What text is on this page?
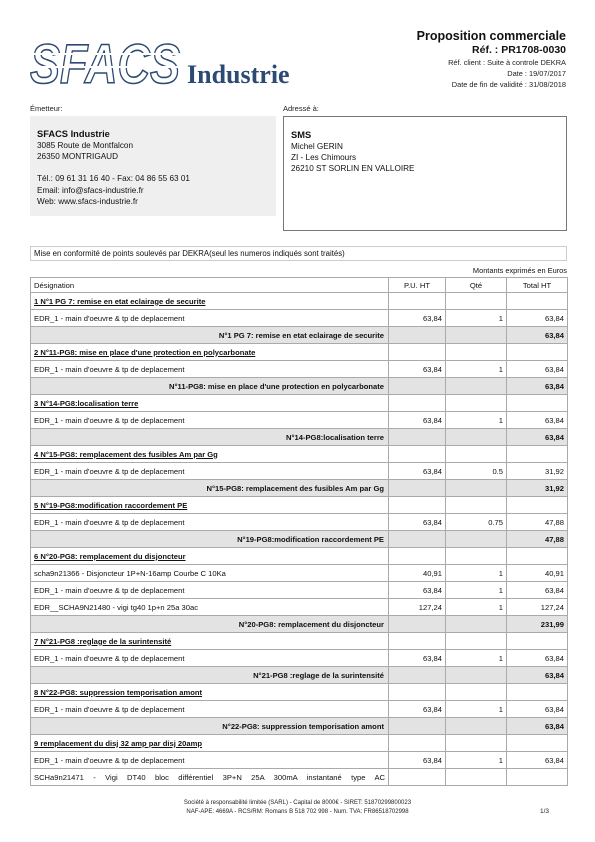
SFACS Industrie
Proposition commerciale
Réf. : PR1708-0030
Réf. client : Suite à controle DEKRA
Date : 19/07/2017
Date de fin de validité : 31/08/2018
Émetteur:	Adressé à:
SFACS Industrie
3085 Route de Montfalcon
26350 MONTRIGAUD
Tél.: 09 61 31 16 40 - Fax: 04 86 55 63 01
Email: info@sfacs-industrie.fr
Web: www.sfacs-industrie.fr
SMS
Michel GERIN
ZI - Les Chimours
26210 ST SORLIN EN VALLOIRE
Mise en conformité de points soulevés par DEKRA(seul les numeros indiqués sont traités)
Montants exprimés en Euros
Désignation	P.U. HT	Qté	Total HT
1 N°1 PG 7: remise en etat eclairage de securite			
EDR_1 - main d'oeuvre & tp de deplacement	63,84	1	63,84
N°1 PG 7: remise en etat eclairage de securite			63,84
2 N°11-PG8: mise en place d'une protection en polycarbonate			
EDR_1 - main d'oeuvre & tp de deplacement	63,84	1	63,84
N°11-PG8: mise en place d'une protection en polycarbonate			63,84
3 N°14-PG8:localisation terre			
EDR_1 - main d'oeuvre & tp de deplacement	63,84	1	63,84
N°14-PG8:localisation terre			63,84
4 N°15-PG8: remplacement des fusibles Am par Gg			
EDR_1 - main d'oeuvre & tp de deplacement	63,84	0.5	31,92
N°15-PG8: remplacement des fusibles Am par Gg			31,92
5 N°19-PG8:modification raccordement PE			
EDR_1 - main d'oeuvre & tp de deplacement	63,84	0.75	47,88
N°19-PG8:modification raccordement PE			47,88
6 N°20-PG8: remplacement du disjoncteur			
scha9n21366 - Disjoncteur 1P+N-16amp Courbe C 10Ka	40,91	1	40,91
EDR_1 - main d'oeuvre & tp de deplacement	63,84	1	63,84
EDR__SCHA9N21480 - vigi tg40 1p+n 25a 30ac	127,24	1	127,24
N°20-PG8: remplacement du disjoncteur			231,99
7 N°21-PG8 :reglage de la surintensité			
EDR_1 - main d'oeuvre & tp de deplacement	63,84	1	63,84
N°21-PG8 :reglage de la surintensité			63,84
8 N°22-PG8: suppression temporisation amont			
EDR_1 - main d'oeuvre & tp de deplacement	63,84	1	63,84
N°22-PG8: suppression temporisation amont			63,84
9 remplacement du disj 32 amp par disj 20amp			
EDR_1 - main d'oeuvre & tp de deplacement	63,84	1	63,84
SCHa9n21471 - Vigi DT40 bloc différentiel 3P+N 25A 300mA instantané type AC			
Société à responsabilité limitée (SARL) - Capital de 8000€ - SIRET: 51870299800023
NAF-APE: 4669A - RCS/RM: Romans B 518 702 998 - Num. TVA: FR86518702998	1/3
